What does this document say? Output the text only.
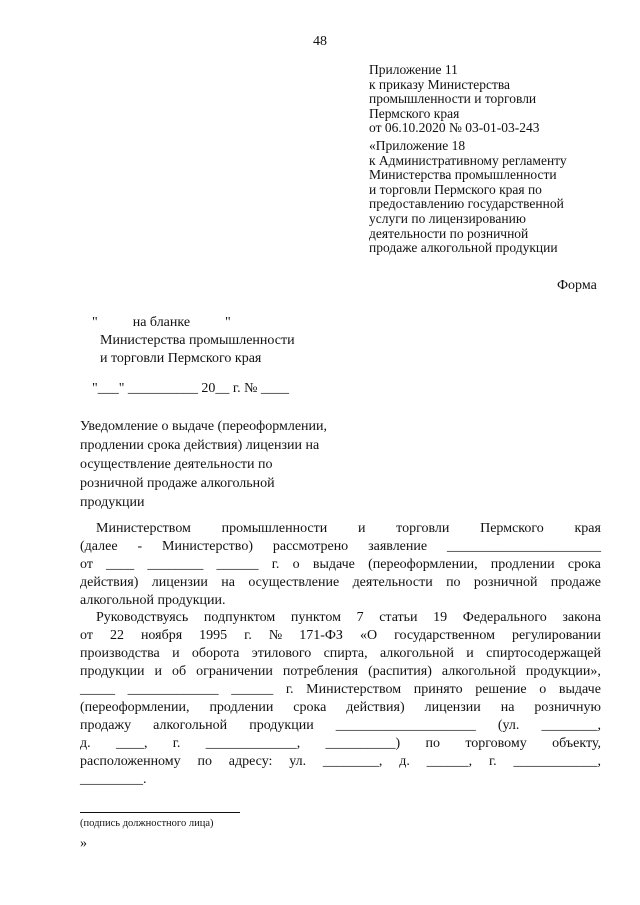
48
Приложение 11
к приказу Министерства
промышленности и торговли
Пермского края
от 06.10.2020 № 03-01-03-243
«Приложение 18
к Административному регламенту
Министерства промышленности
и торговли Пермского края по
предоставлению государственной
услуги по лицензированию
деятельности по розничной
продаже алкогольной продукции
Форма
"          на бланке          "
Министерства промышленности
и торговли Пермского края
"___" __________ 20__ г. № ____
Уведомление о выдаче (переоформлении,
продлении срока действия) лицензии на
осуществление деятельности по
розничной продаже алкогольной
продукции
Министерством промышленности и торговли Пермского края
(далее - Министерство) рассмотрено заявление ______________________
от ____ ________ ______ г. о выдаче (переоформлении, продлении срока
действия) лицензии на осуществление деятельности по розничной продаже
алкогольной продукции.
Руководствуясь подпунктом пунктом 7 статьи 19 Федерального закона
от 22 ноября 1995 г. № 171-ФЗ «О государственном регулировании
производства и оборота этилового спирта, алкогольной и спиртосодержащей
продукции и об ограничении потребления (распития) алкогольной продукции»,
_____ _____________ ______ г. Министерством принято решение о выдаче
(переоформлении, продлении срока действия) лицензии на розничную
продажу алкогольной продукции ____________________ (ул. ________,
д. ____, г. _____________, __________) по торговому объекту,
расположенному по адресу: ул. ________, д. ______, г. ____________,
_________.
(подпись должностного лица)
»
